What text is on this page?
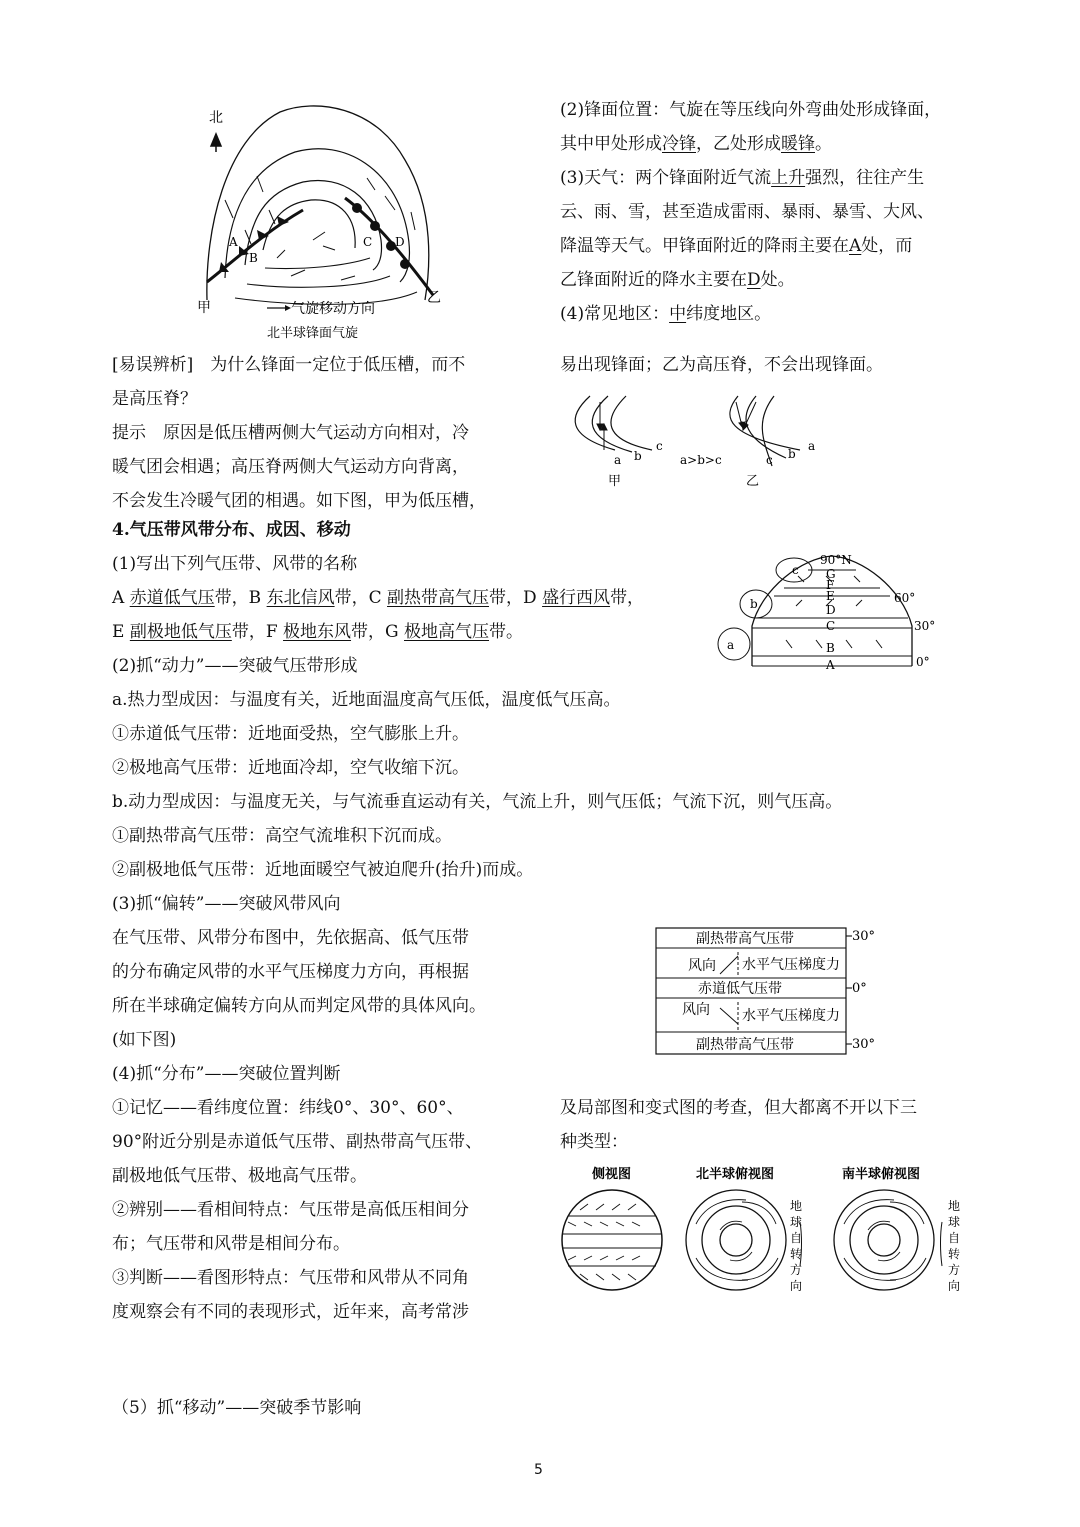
北
A
B
C D
甲
乙
气旋移动方向
北半球锋面气旋
(2)锋面位置：气旋在等压线向外弯曲处形成锋面，
其中甲处形成冷锋，乙处形成暖锋。
(3)天气：两个锋面附近气流上升强烈，往往产生
云、雨、雪，甚至造成雷雨、暴雨、暴雪、大风、
降温等天气。甲锋面附近的降雨主要在A处，而
乙锋面附近的降水主要在D处。
(4)常见地区：中纬度地区。
[易误辨析]　为什么锋面一定位于低压槽，而不
是高压脊？
提示　原因是低压槽两侧大气运动方向相对，冷
暖气团会相遇；高压脊两侧大气运动方向背离，
不会发生冷暖气团的相遇。如下图，甲为低压槽，
易出现锋面；乙为高压脊，不会出现锋面。
a b
c
a>b>c	c b
a
甲	乙
4.气压带风带分布、成因、移动
(1)写出下列气压带、风带的名称
A 赤道低气压带，B 东北信风带，C 副热带高气压带，D 盛行西风带，
E 副极地低气压带，F 极地东风带，G 极地高气压带。
a
b
c
90°N
60°
30°
0°
G
F
E
D
C
B
A
(2)抓“动力”——突破气压带形成
a.热力型成因：与温度有关，近地面温度高气压低，温度低气压高。
①赤道低气压带：近地面受热，空气膨胀上升。
②极地高气压带：近地面冷却，空气收缩下沉。
b.动力型成因：与温度无关，与气流垂直运动有关，气流上升，则气压低；气流下沉，则气压高。
①副热带高气压带：高空气流堆积下沉而成。
②副极地低气压带：近地面暖空气被迫爬升(抬升)而成。
(3)抓“偏转”——突破风带风向
在气压带、风带分布图中，先依据高、低气压带
的分布确定风带的水平气压梯度力方向，再根据
所在半球确定偏转方向从而判定风带的具体风向。
(如下图)
副热带高气压带
风向 水平气压梯度力
赤道低气压带
风向 水平气压梯度力
副热带高气压带
30°
0°
30°
(4)抓“分布”——突破位置判断
①记忆——看纬度位置：纬线0°、30°、60°、
90°附近分别是赤道低气压带、副热带高气压带、
副极地低气压带、极地高气压带。
②辨别——看相间特点：气压带是高低压相间分
布；气压带和风带是相间分布。
③判断——看图形特点：气压带和风带从不同角
度观察会有不同的表现形式，近年来，高考常涉
及局部图和变式图的考查，但大都离不开以下三
种类型：
侧视图	北半球俯视图	南半球俯视图
地
球
自
转
方
向
地
球
自
转
方
向
（5）抓“移动”——突破季节影响
5
